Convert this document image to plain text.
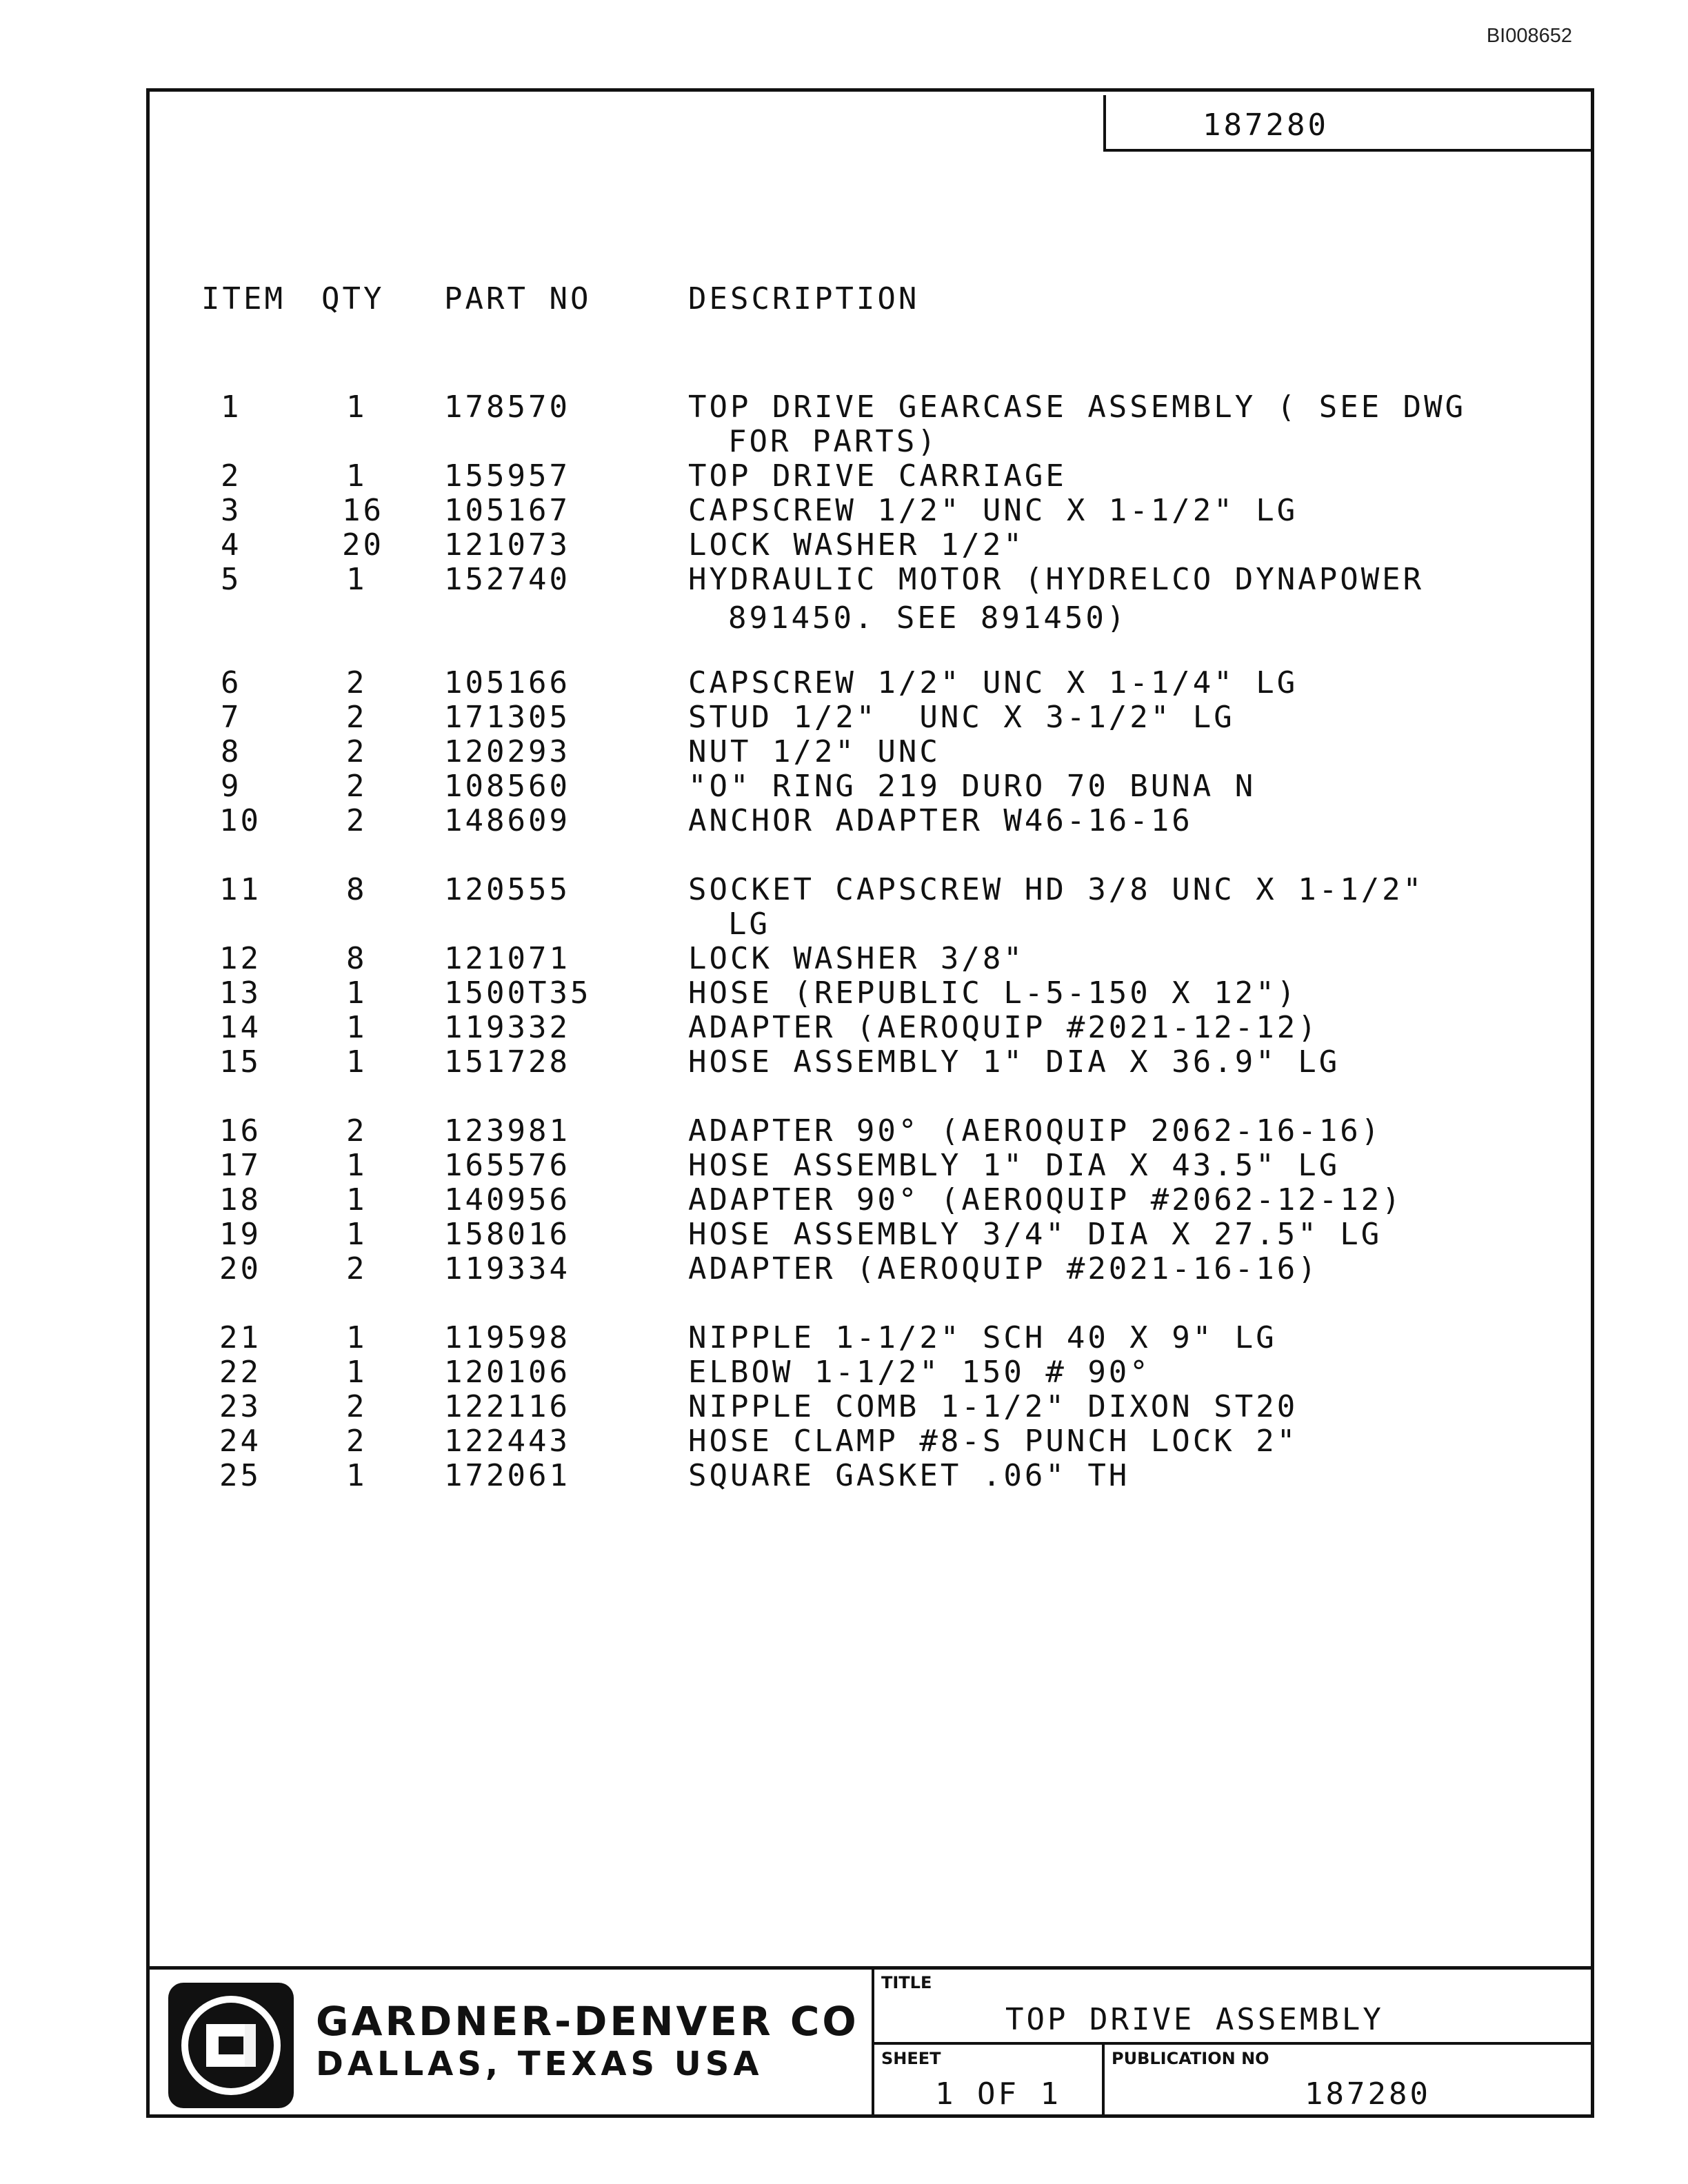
BI008652
187280
ITEM QTY PART NO	DESCRIPTION
1	1	178570	TOP DRIVE GEARCASE ASSEMBLY ( SEE DWG
FOR PARTS)
2	1	155957	TOP DRIVE CARRIAGE
3	16 105167	CAPSCREW 1/2" UNC X 1-1/2" LG
4	20 121073	LOCK WASHER 1/2"
5	1	152740	HYDRAULIC MOTOR (HYDRELCO DYNAPOWER
891450. SEE 891450)
6	2	105166	CAPSCREW 1/2" UNC X 1-1/4" LG
7	2	171305	STUD 1/2"  UNC X 3-1/2" LG
8	2	120293	NUT 1/2" UNC
9	2	108560	"O" RING 219 DURO 70 BUNA N
10	2	148609	ANCHOR ADAPTER W46-16-16
11	8	120555	SOCKET CAPSCREW HD 3/8 UNC X 1-1/2"
LG
12	8	121071	LOCK WASHER 3/8"
13	1	1500T35	HOSE (REPUBLIC L-5-150 X 12")
14	1	119332	ADAPTER (AEROQUIP #2021-12-12)
15	1	151728	HOSE ASSEMBLY 1" DIA X 36.9" LG
16	2	123981	ADAPTER 90° (AEROQUIP 2062-16-16)
17	1	165576	HOSE ASSEMBLY 1" DIA X 43.5" LG
18	1	140956	ADAPTER 90° (AEROQUIP #2062-12-12)
19	1	158016	HOSE ASSEMBLY 3/4" DIA X 27.5" LG
20	2	119334	ADAPTER (AEROQUIP #2021-16-16)
21	1	119598	NIPPLE 1-1/2" SCH 40 X 9" LG
22	1	120106	ELBOW 1-1/2" 150 # 90°
23	2	122116	NIPPLE COMB 1-1/2" DIXON ST20
24	2	122443	HOSE CLAMP #8-S PUNCH LOCK 2"
25	1	172061	SQUARE GASKET .06" TH
GARDNER-DENVER CO
DALLAS, TEXAS USA
TITLE
TOP DRIVE ASSEMBLY
SHEET
1 OF 1
PUBLICATION NO
187280
